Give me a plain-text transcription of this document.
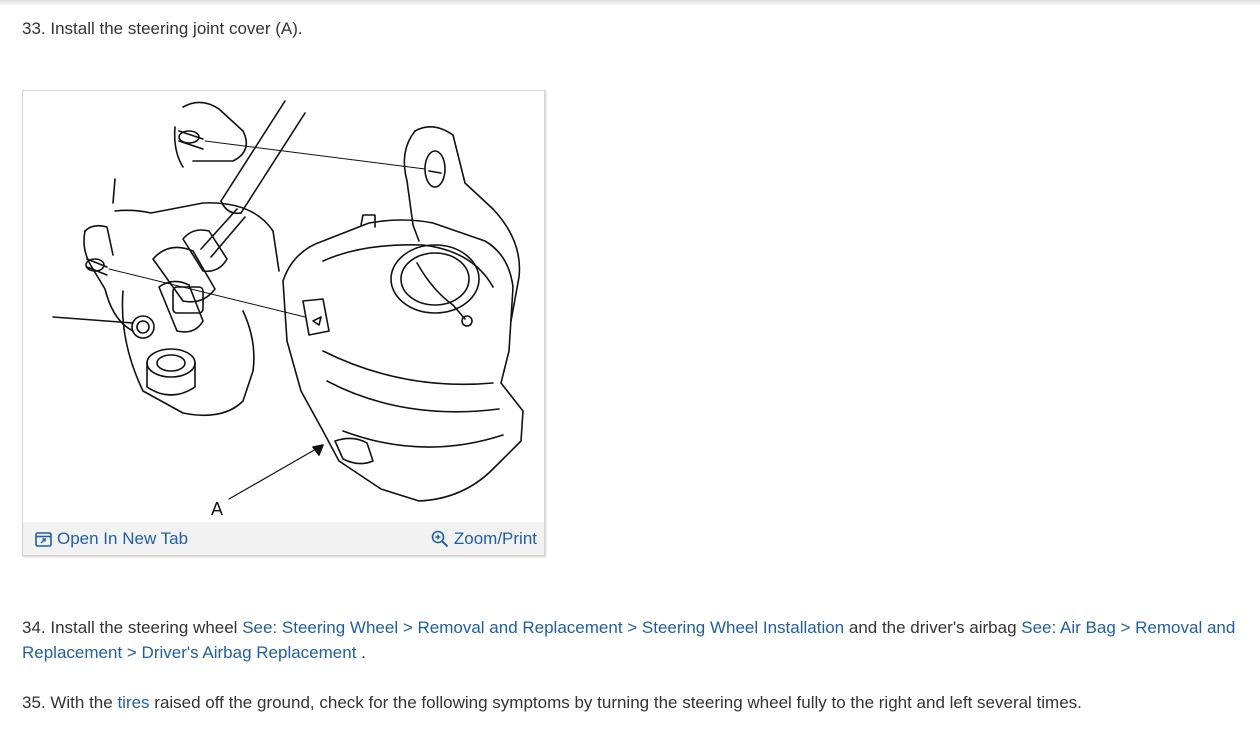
33. Install the steering joint cover (A).

A
Open In New Tab	Zoom/Print

34. Install the steering wheel See: Steering Wheel > Removal and Replacement > Steering Wheel Installation and the driver's airbag See: Air Bag > Removal and Replacement > Driver's Airbag Replacement .

35. With the tires raised off the ground, check for the following symptoms by turning the steering wheel fully to the right and left several times.
